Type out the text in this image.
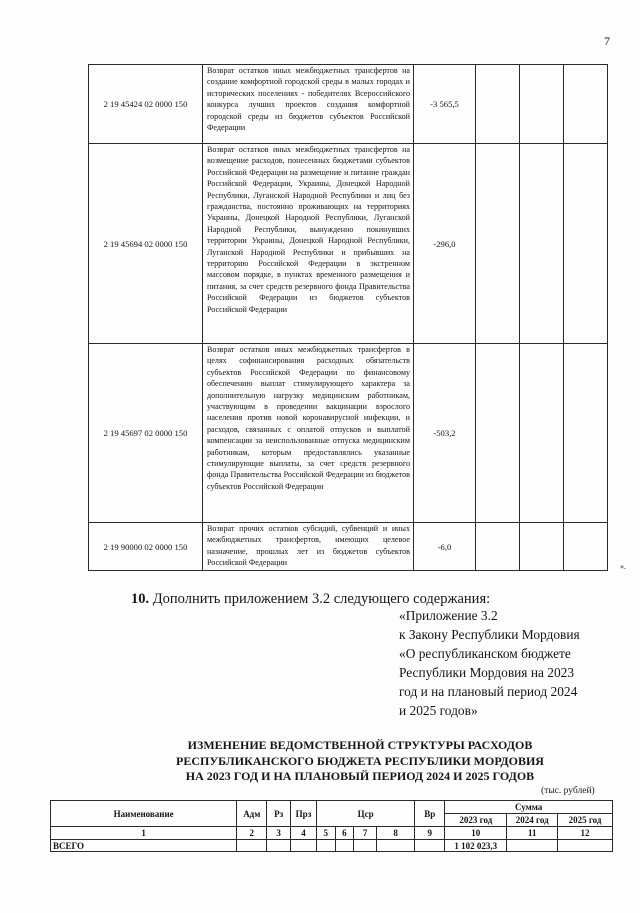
7
2 19 45424 02 0000 150	Возврат остатков иных межбюджетных трансфертов на создание комфортной городской среды в малых городах и исторических поселениях - победителях Всероссийского конкурса лучших проектов создания комфортной городской среды из бюджетов субъектов Российской Федерации	-3 565,5			
2 19 45694 02 0000 150	Возврат остатков иных межбюджетных трансфертов на возмещение расходов, понесенных бюджетами субъектов Российской Федерации на размещение и питание граждан Российской Федерации, Украины, Донецкой Народной Республики, Луганской Народной Республики и лиц без гражданства, постоянно проживающих на территориях Украины, Донецкой Народной Республики, Луганской Народной Республики, вынужденно покинувших территории Украины, Донецкой Народной Республики, Луганской Народной Республики и прибывших на территорию Российской Федерации в экстренном массовом порядке, в пунктах временного размещения и питания, за счет средств резервного фонда Правительства Российской Федерации из бюджетов субъектов Российской Федерации	-296,0			
2 19 45697 02 0000 150	Возврат остатков иных межбюджетных трансфертов в целях софинансирования расходных обязательств субъектов Российской Федерации по финансовому обеспечению выплат стимулирующего характера за дополнительную нагрузку медицинским работникам, участвующим в проведении вакцинации взрослого населения против новой коронавирусной инфекции, и расходов, связанных с оплатой отпусков и выплатой компенсации за неиспользованные отпуска медицинским работникам, которым предоставлялись указанные стимулирующие выплаты, за счет средств резервного фонда Правительства Российской Федерации из бюджетов субъектов Российской Федерации	-503,2			
2 19 90000 02 0000 150	Возврат прочих остатков субсидий, субвенций и иных межбюджетных трансфертов, имеющих целевое назначение, прошлых лет из бюджетов субъектов Российской Федерации	-6,0			
».
10. Дополнить приложением 3.2 следующего содержания:
«Приложение 3.2
к Закону Республики Мордовия
«О республиканском бюджете
Республики Мордовия на 2023
год и на плановый период 2024
и 2025 годов»
ИЗМЕНЕНИЕ ВЕДОМСТВЕННОЙ СТРУКТУРЫ РАСХОДОВ
РЕСПУБЛИКАНСКОГО БЮДЖЕТА РЕСПУБЛИКИ МОРДОВИЯ
НА 2023 ГОД И НА ПЛАНОВЫЙ ПЕРИОД 2024 И 2025 ГОДОВ
(тыс. рублей)
Наименование	Адм	Рз	Прз	Цср				Вр	Сумма		
									2023 год	2024 год	2025 год
1	2	3	4	5	6	7	8	9	10	11	12
ВСЕГО									1 102 023,3		
